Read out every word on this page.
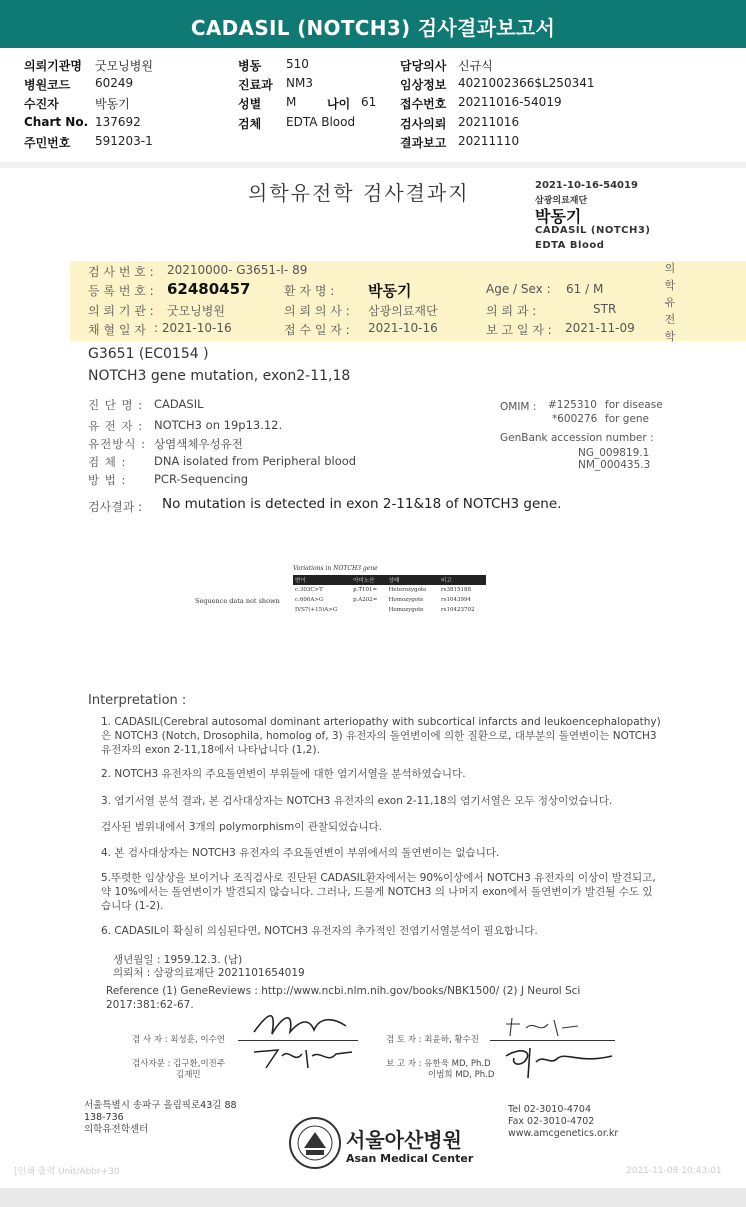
CADASIL (NOTCH3) 검사결과보고서
의뢰기관명 굿모닝병원
병원코드 60249
수진자	박동기
Chart No. 137692
주민번호 591203-1
병동 510
진료과 NM3
성별 M	나이 61
검체 EDTA Blood
담당의사 신규식
임상정보 4021002366$L250341
접수번호 20211016-54019
검사의뢰 20211016
결과보고 20211110
의학유전학 검사결과지	2021-10-16-54019
삼광의료재단
박동기
CADASIL (NOTCH3)
EDTA Blood
검 사 번 호 : 20210000- G3651-I- 89
등 록 번 호 : 62480457	환 자 명 : 박동기	Age / Sex : 61 / M
의 뢰 기 관 : 굿모닝병원	의 뢰 의 사 : 삼광의료재단	의 뢰 과 :	STR
채 혈 일 자 : 2021-10-16	접 수 일 자 : 2021-10-16	보 고 일 자 : 2021-11-09
의
학
유
전
학
G3651 (EC0154 )
NOTCH3 gene mutation, exon2-11,18
진 단 명 : CADASIL
유 전 자 : NOTCH3 on 19p13.12.
유전방식 : 상염색체우성유전
검 체 : DNA isolated from Peripheral blood
방 법 : PCR-Sequencing
OMIM : #125310 for disease
*600276 for gene
GenBank accession number :
NG_009819.1
NM_000435.3
검사결과 : No mutation is detected in exon 2-11&18 of NOTCH3 gene.
Variations in NOTCH3 gene
Sequence data not shown
변이	아미노산	상태	비고
c.303C>T	p.T101=	Heterozygote	rs3815188
c.606A>G	p.A202=	Homozygote	rs1043994
IVS7(+15)A>G		Homozygote	rs10423702
Interpretation :
1. CADASIL(Cerebral autosomal dominant arteriopathy with subcortical infarcts and leukoencephalopathy)은 NOTCH3 (Notch, Drosophila, homolog of, 3) 유전자의 돌연변이에 의한 질환으로, 대부분의 돌연변이는 NOTCH3 유전자의 exon 2-11,18에서 나타납니다 (1,2).
2. NOTCH3 유전자의 주요돌연변이 부위들에 대한 염기서열을 분석하였습니다.
3. 염기서열 분석 결과, 본 검사대상자는 NOTCH3 유전자의 exon 2-11,18의 염기서열은 모두 정상이었습니다.
검사된 범위내에서 3개의 polymorphism이 관찰되었습니다.
4. 본 검사대상자는 NOTCH3 유전자의 주요돌연변이 부위에서의 돌연변이는 없습니다.
5.뚜렷한 임상상을 보이거나 조직검사로 진단된 CADASIL환자에서는 90%이상에서 NOTCH3 유전자의 이상이 발견되고, 약 10%에서는 돌연변이가 발견되지 않습니다. 그러나, 드물게 NOTCH3 의 나머지 exon에서 돌연변이가 발견될 수도 있습니다 (1-2).
6. CADASIL이 확실히 의심된다면, NOTCH3 유전자의 추가적인 전염기서열분석이 필요합니다.
생년월일 : 1959.12.3. (남)
의뢰처 : 삼광의료재단 2021101654019
Reference (1) GeneReviews : http://www.ncbi.nlm.nih.gov/books/NBK1500/ (2) J Neurol Sci 2017:381:62-67.
검 사 자 : 최성훈, 이수연	검 토 자 : 최윤하, 황수진
검사자문 : 김구환,이진주
김재민
보 고 자 : 유한욱 MD, Ph.D
이범희 MD, Ph.D
서울특별시 송파구 올림픽로43길 88
138-736
의학유전학센터	서울아산병원
Asan Medical Center
Tel 02-3010-4704
Fax 02-3010-4702
www.amcgenetics.or.kr
[인쇄 출력 Unit/Abbr+30	2021-11-08 10:43:01
